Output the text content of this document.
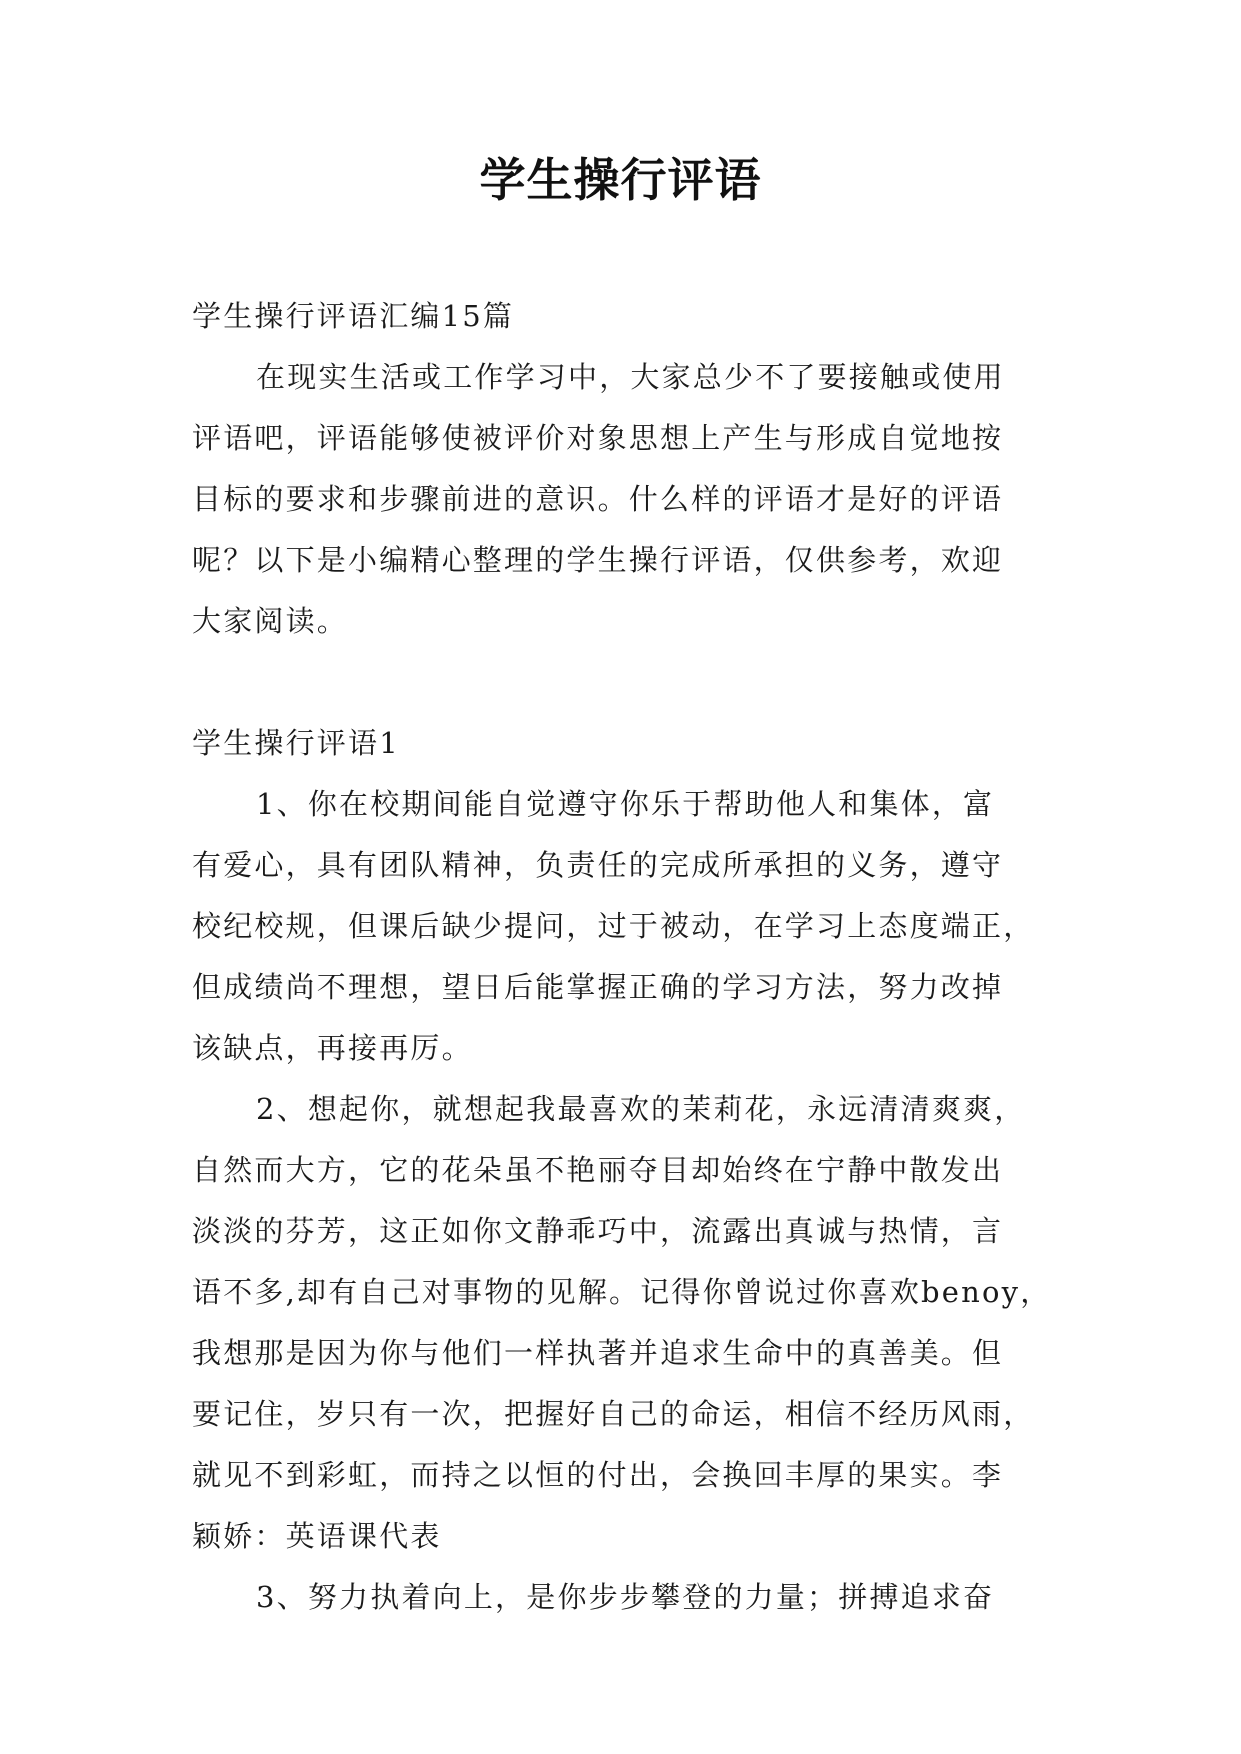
学生操行评语

学生操行评语汇编15篇

在现实生活或工作学习中，大家总少不了要接触或使用

评语吧，评语能够使被评价对象思想上产生与形成自觉地按

目标的要求和步骤前进的意识。什么样的评语才是好的评语

呢？以下是小编精心整理的学生操行评语，仅供参考，欢迎

大家阅读。

学生操行评语1

1、你在校期间能自觉遵守你乐于帮助他人和集体，富

有爱心，具有团队精神，负责任的完成所承担的义务，遵守

校纪校规，但课后缺少提问，过于被动，在学习上态度端正，

但成绩尚不理想，望日后能掌握正确的学习方法，努力改掉

该缺点，再接再厉。

2、想起你，就想起我最喜欢的茉莉花，永远清清爽爽，

自然而大方，它的花朵虽不艳丽夺目却始终在宁静中散发出

淡淡的芬芳，这正如你文静乖巧中，流露出真诚与热情，言

语不多,却有自己对事物的见解。记得你曾说过你喜欢benoy，

我想那是因为你与他们一样执著并追求生命中的真善美。但

要记住，岁只有一次，把握好自己的命运，相信不经历风雨，

就见不到彩虹，而持之以恒的付出，会换回丰厚的果实。李

颖娇：英语课代表

3、努力执着向上，是你步步攀登的力量；拼搏追求奋
